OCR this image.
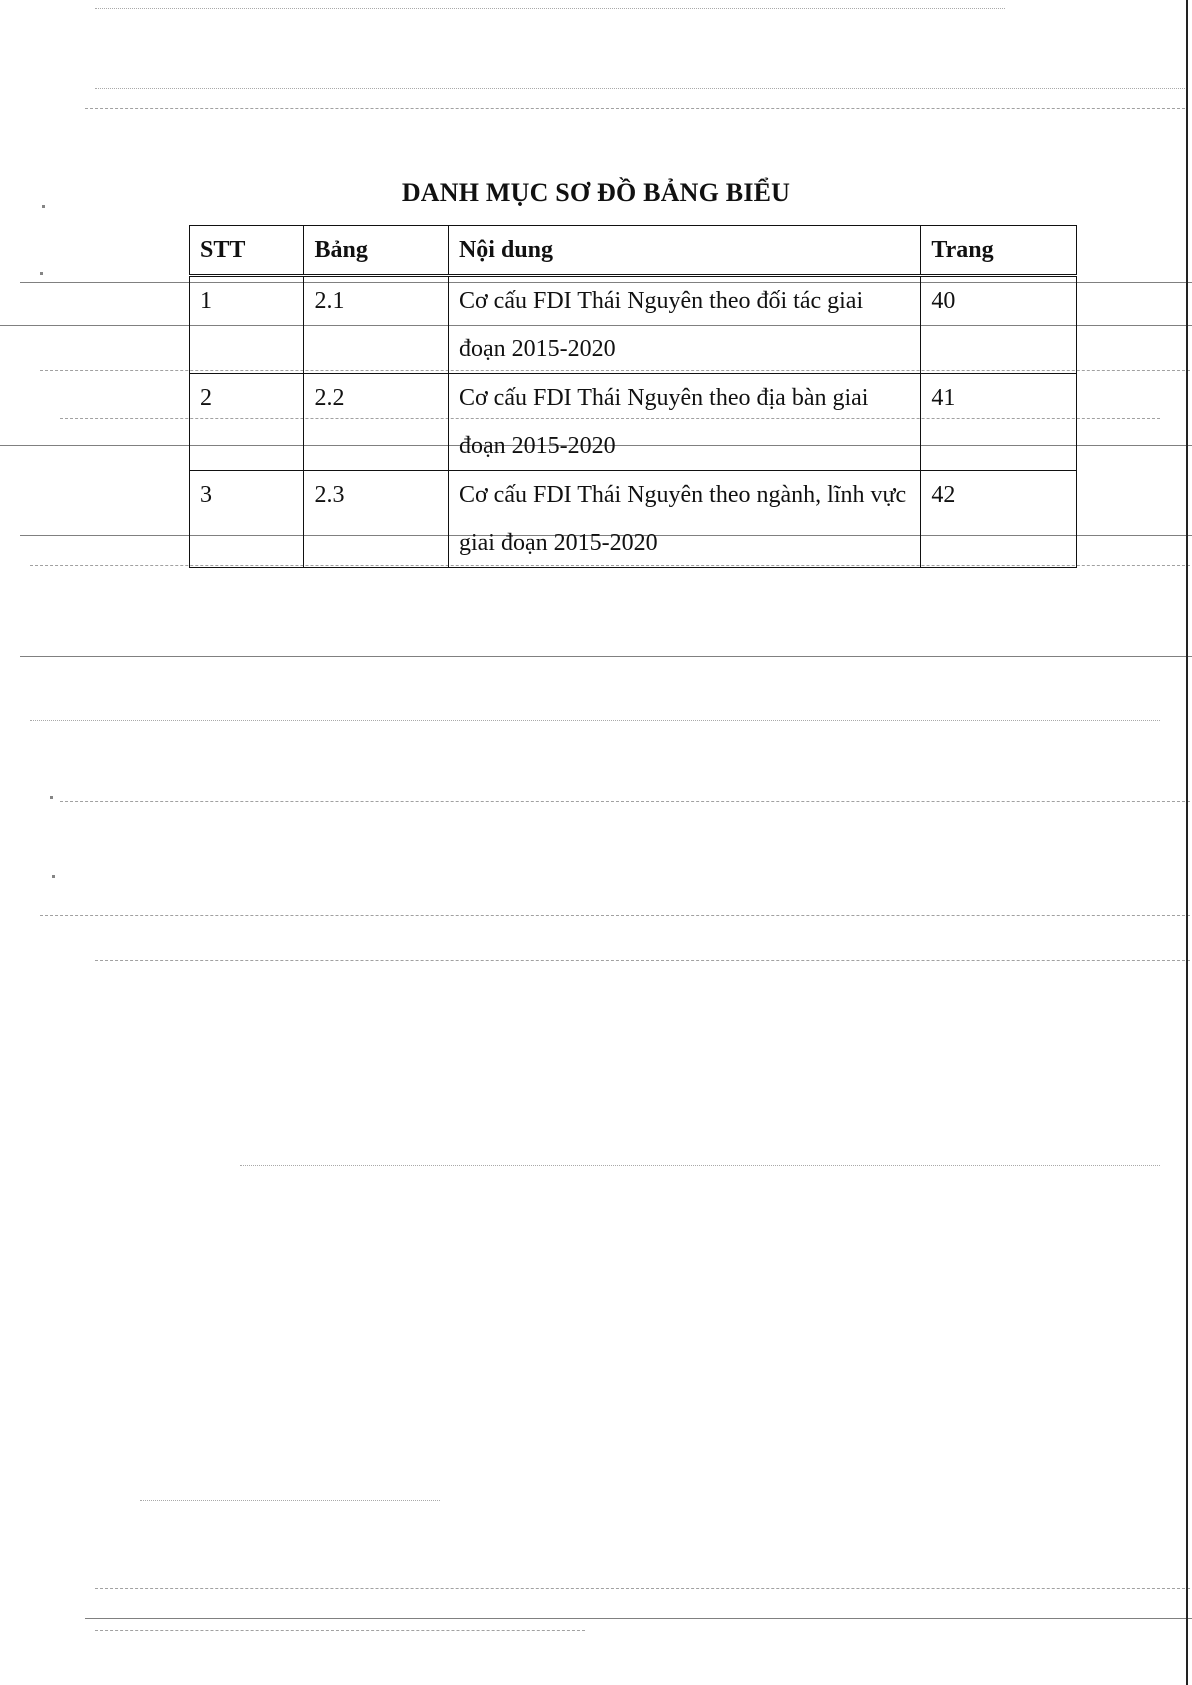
DANH MỤC SƠ ĐỒ BẢNG BIỂU
STT	Bảng	Nội dung	Trang
1	2.1	Cơ cấu FDI Thái Nguyên theo đối tác giai đoạn 2015-2020	40
2	2.2	Cơ cấu FDI Thái Nguyên theo địa bàn giai đoạn 2015-2020	41
3	2.3	Cơ cấu FDI Thái Nguyên theo ngành, lĩnh vực giai đoạn 2015-2020	42
